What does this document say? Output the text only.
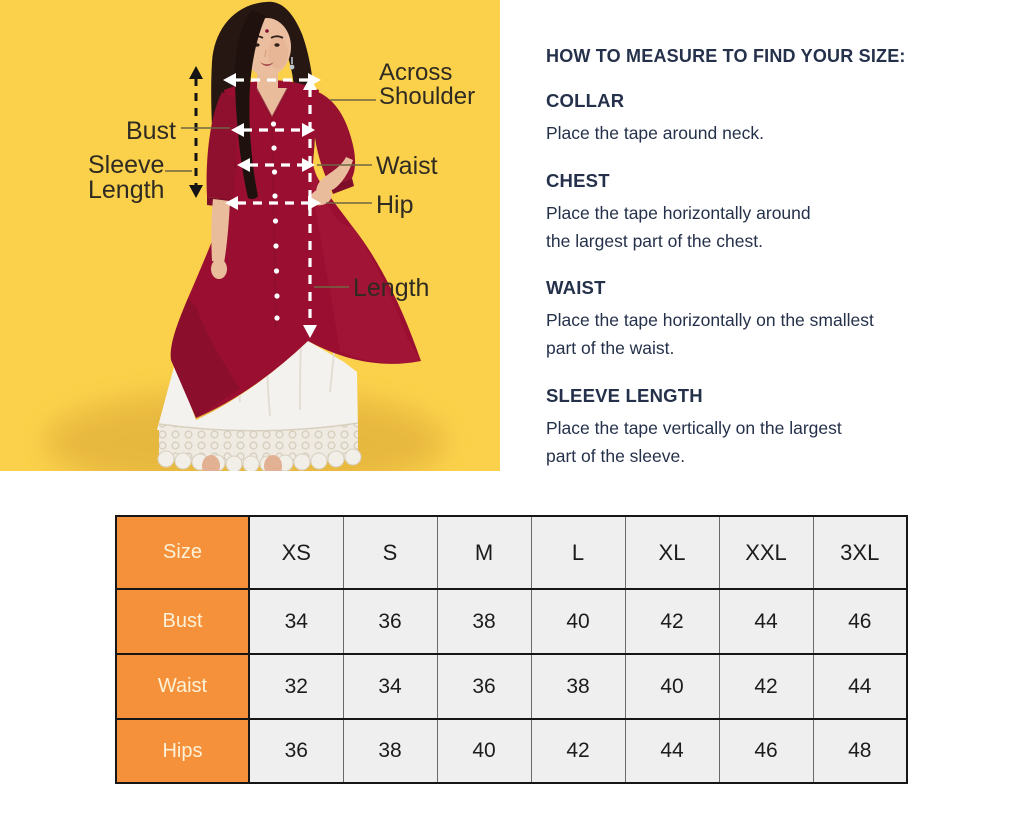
Across
Shoulder
Bust
Sleeve
Length
Waist
Hip
Length
HOW TO MEASURE TO FIND YOUR SIZE:
COLLAR

Place the tape around neck.

CHEST

Place the tape horizontally around
the largest part of the chest.

WAIST

Place the tape horizontally on the smallest
part of the waist.

SLEEVE LENGTH

Place the tape vertically on the largest
part of the sleeve.

Size	XS	S	M	L	XL	XXL	3XL
Bust	34	36	38	40	42	44	46
Waist	32	34	36	38	40	42	44
Hips	36	38	40	42	44	46	48
